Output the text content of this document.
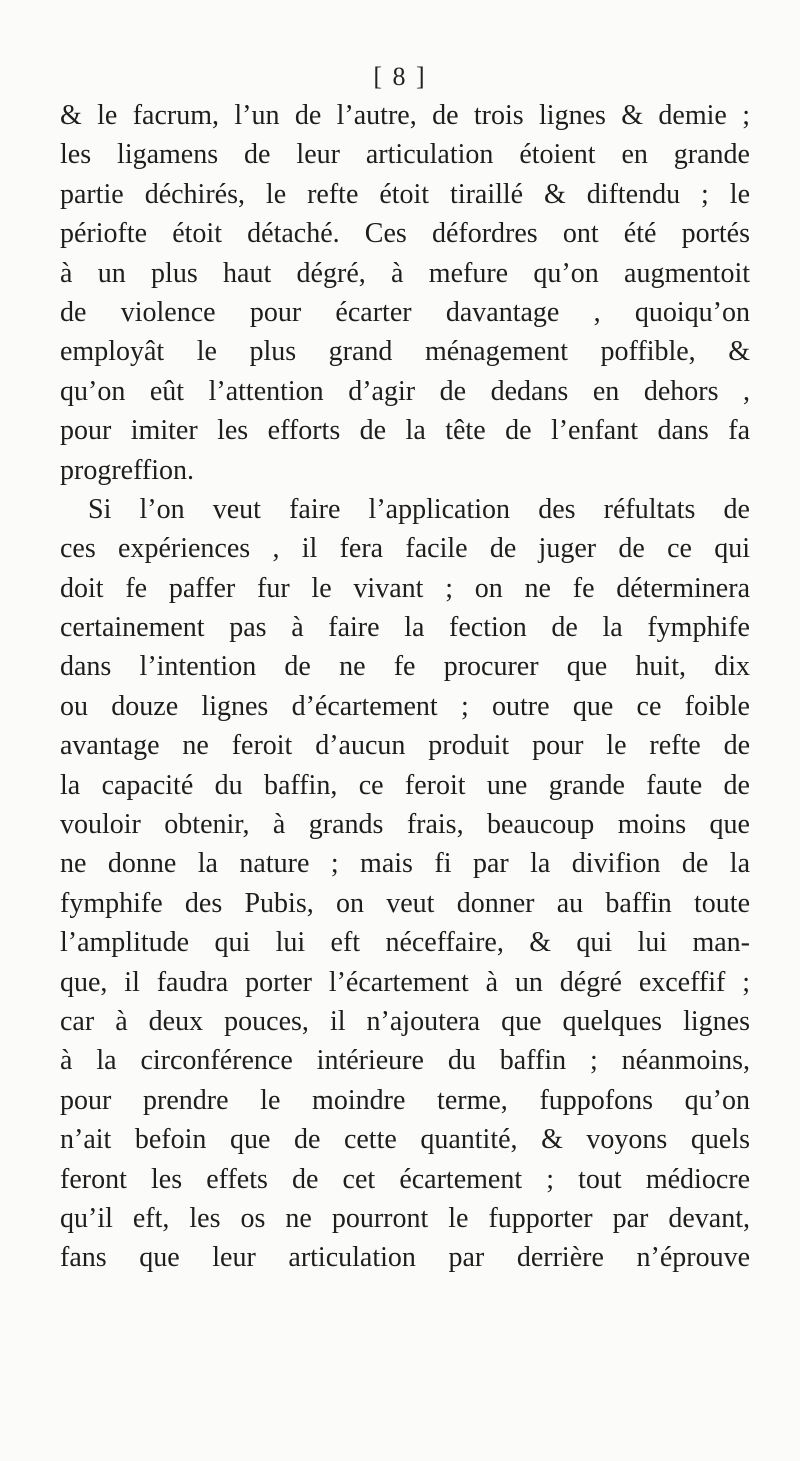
[ 8 ]
& le facrum, l’un de l’autre, de trois lignes & demie ;
les ligamens de leur articulation étoient en grande
partie déchirés, le refte étoit tiraillé & diftendu ; le
périofte étoit détaché. Ces défordres ont été portés
à un plus haut dégré, à mefure qu’on augmentoit
de violence pour écarter davantage , quoiqu’on
employât le plus grand ménagement poffible, &
qu’on eût l’attention d’agir de dedans en dehors ,
pour imiter les efforts de la tête de l’enfant dans fa
progreffion.
Si l’on veut faire l’application des réfultats de
ces expériences , il fera facile de juger de ce qui
doit fe paffer fur le vivant ; on ne fe déterminera
certainement pas à faire la fection de la fymphife
dans l’intention de ne fe procurer que huit, dix
ou douze lignes d’écartement ; outre que ce foible
avantage ne feroit d’aucun produit pour le refte de
la capacité du baffin, ce feroit une grande faute de
vouloir obtenir, à grands frais, beaucoup moins que
ne donne la nature ; mais fi par la divifion de la
fymphife des Pubis, on veut donner au baffin toute
l’amplitude qui lui eft néceffaire, & qui lui man-
que, il faudra porter l’écartement à un dégré exceffif ;
car à deux pouces, il n’ajoutera que quelques lignes
à la circonférence intérieure du baffin ; néanmoins,
pour prendre le moindre terme, fuppofons qu’on
n’ait befoin que de cette quantité, & voyons quels
feront les effets de cet écartement ; tout médiocre
qu’il eft, les os ne pourront le fupporter par devant,
fans que leur articulation par derrière n’éprouve
